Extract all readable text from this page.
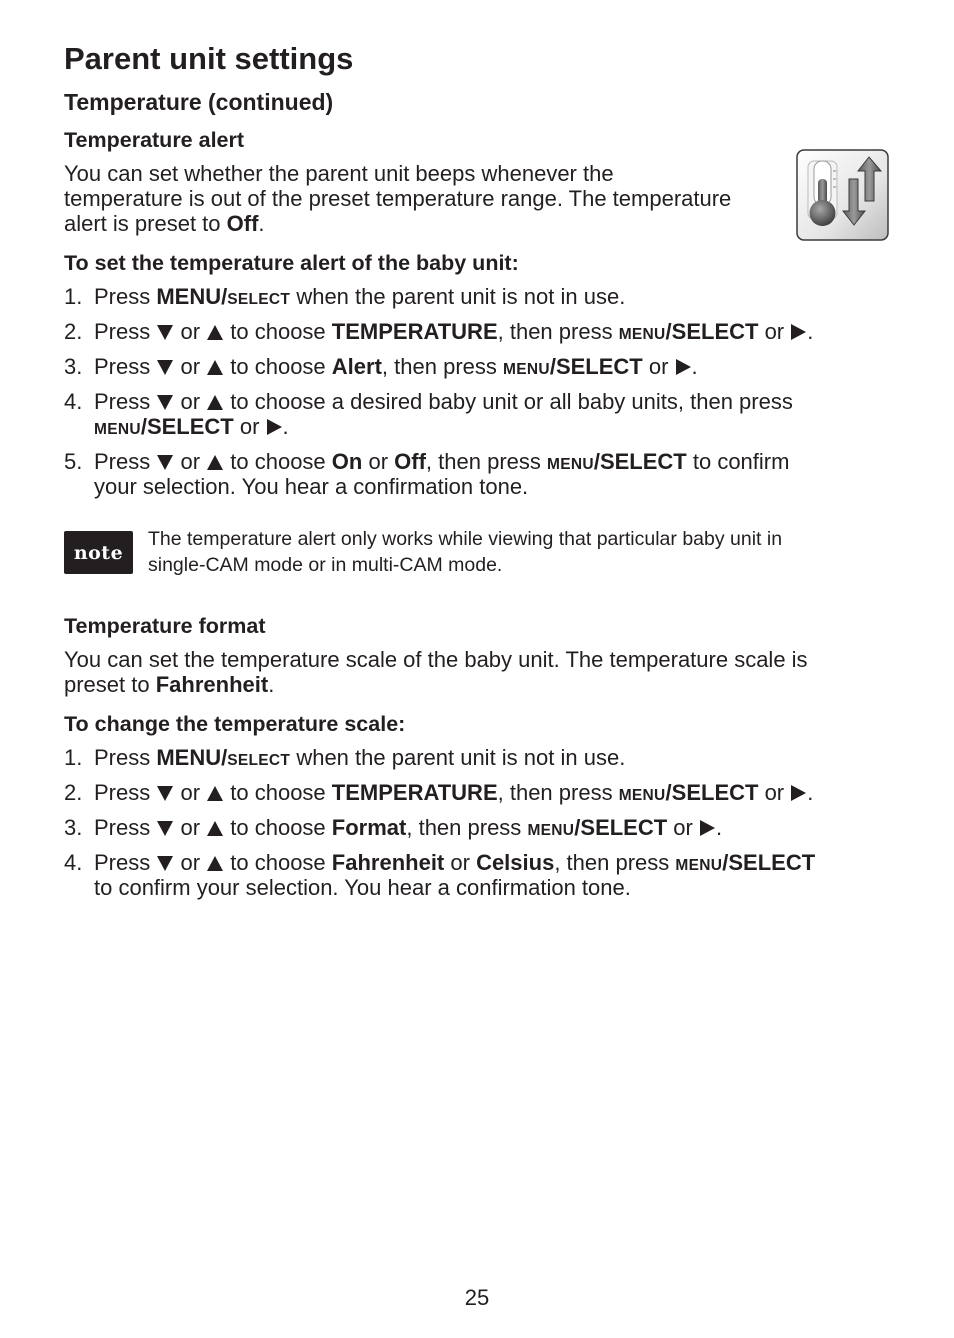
Parent unit settings
Temperature (continued)
Temperature alert
You can set whether the parent unit beeps whenever the
temperature is out of the preset temperature range. The temperature
alert is preset to Off.
To set the temperature alert of the baby unit:
1. Press MENU/SELECT when the parent unit is not in use.
2. Press  or  to choose TEMPERATURE, then press MENU/SELECT or .
3. Press  or  to choose Alert, then press MENU/SELECT or .
4. Press  or  to choose a desired baby unit or all baby units, then press
MENU/SELECT or .
5. Press  or  to choose On or Off, then press MENU/SELECT to confirm
your selection. You hear a confirmation tone.
note
The temperature alert only works while viewing that particular baby unit in
single-CAM mode or in multi-CAM mode.
Temperature format
You can set the temperature scale of the baby unit. The temperature scale is
preset to Fahrenheit.
To change the temperature scale:
1. Press MENU/SELECT when the parent unit is not in use.
2. Press  or  to choose TEMPERATURE, then press MENU/SELECT or .
3. Press  or  to choose Format, then press MENU/SELECT or .
4. Press  or  to choose Fahrenheit or Celsius, then press MENU/SELECT
to confirm your selection. You hear a confirmation tone.
25
